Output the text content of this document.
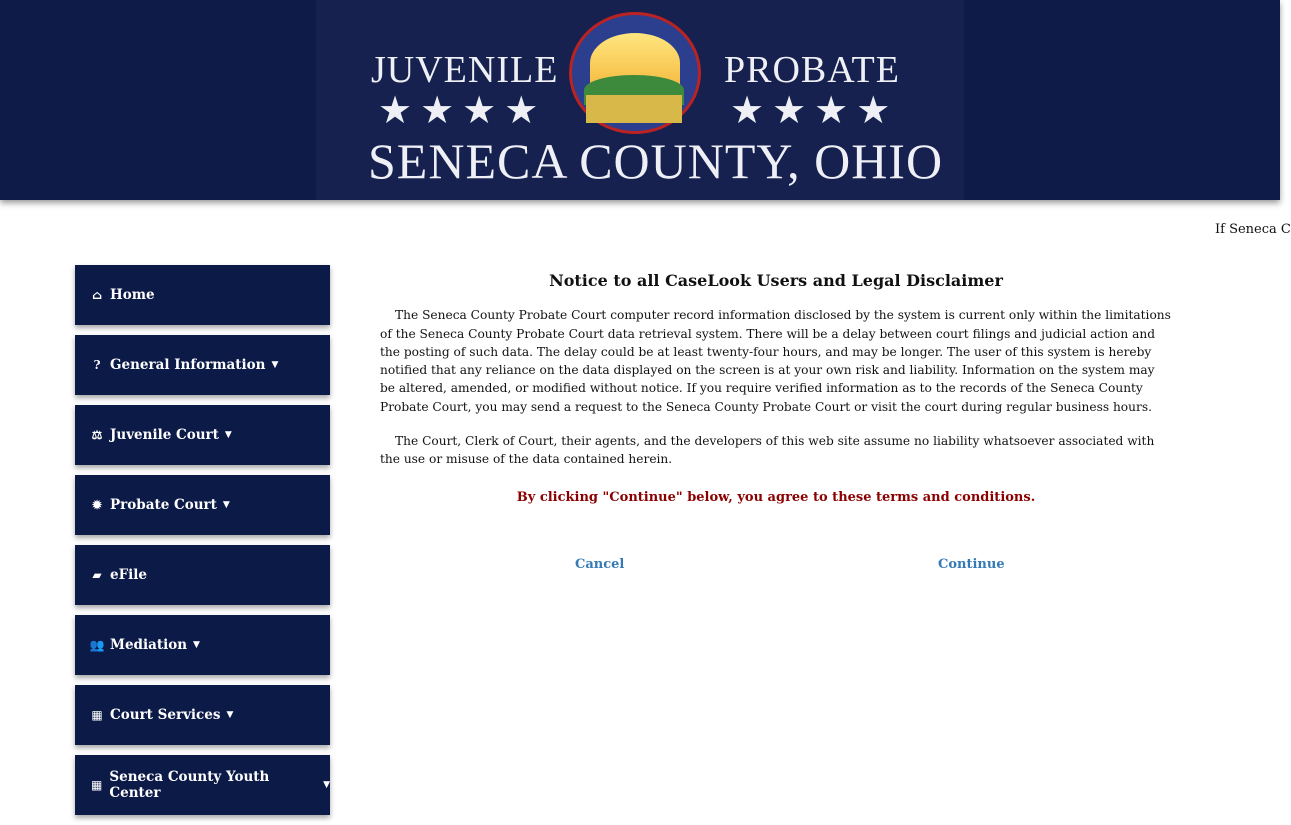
JUVENILE	PROBATE
★★★★	★★★★
SENECA COUNTY, OHIO
If Seneca C
⌂ Home
? General Information ▼
⚖ Juvenile Court ▼
✹ Probate Court ▼
▰ eFile
👥 Mediation ▼
▦ Court Services ▼
▦ Seneca County Youth Center	▼
Notice to all CaseLook Users and Legal Disclaimer

The Seneca County Probate Court computer record information disclosed by the system is current only within the limitations of the Seneca County Probate Court data retrieval system. There will be a delay between court filings and judicial action and the posting of such data. The delay could be at least twenty-four hours, and may be longer. The user of this system is hereby notified that any reliance on the data displayed on the screen is at your own risk and liability. Information on the system may be altered, amended, or modified without notice. If you require verified information as to the records of the Seneca County Probate Court, you may send a request to the Seneca County Probate Court or visit the court during regular business hours.

The Court, Clerk of Court, their agents, and the developers of this web site assume no liability whatsoever associated with the use or misuse of the data contained herein.

By clicking "Continue" below, you agree to these terms and conditions.
Cancel	Continue
